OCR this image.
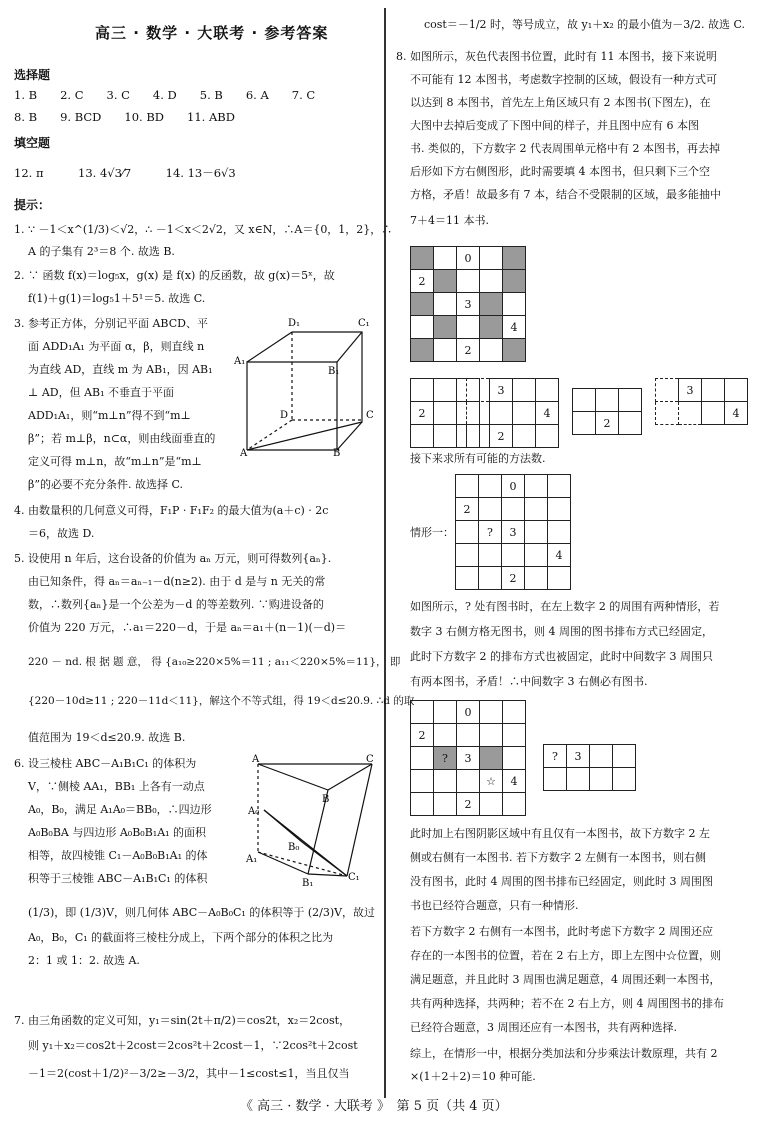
高三 · 数学 · 大联考 · 参考答案
选择题
1. B　　2. C　　3. C　　4. D　　5. B　　6. A　　7. C
8. B　　9. BCD　　10. BD　　11. ABD
填空题
12. π　　　13. 4√3⁄7　　　14. 13－6√3
提示：
1. ∵ －1＜x^(1/3)＜√2，∴ －1＜x＜2√2，又 x∈N，∴A＝{0，1，2}，∴
A 的子集有 2³＝8 个. 故选 B.
2. ∵ 函数 f(x)＝log₅x，g(x) 是 f(x) 的反函数，故 g(x)＝5ˣ，故
f(1)＋g(1)＝log₅1＋5¹＝5. 故选 C.
3. 参考正方体，分别记平面 ABCD、平
面 ADD₁A₁ 为平面 α，β，则直线 n
为直线 AD，直线 m 为 AB₁，因 AB₁
⊥ AD，但 AB₁ 不垂直于平面
ADD₁A₁，则“m⊥n”得不到“m⊥
β”；若 m⊥β，n⊂α，则由线面垂直的
定义可得 m⊥n，故“m⊥n”是“m⊥
β”的必要不充分条件. 故选择 C.
D₁	C₁
A₁
B₁
D	C
A	B
4. 由数量积的几何意义可得，F₁P · F₁F₂ 的最大值为(a＋c) · 2c
＝6，故选 D.
5. 设使用 n 年后，这台设备的价值为 aₙ 万元，则可得数列{aₙ}.
由已知条件，得 aₙ＝aₙ₋₁－d(n≥2). 由于 d 是与 n 无关的常
数，∴数列{aₙ}是一个公差为－d 的等差数列. ∵购进设备的
价值为 220 万元，∴a₁＝220－d，于是 aₙ＝a₁＋(n－1)(－d)＝
220 － nd. 根 据 题 意， 得 {a₁₀≥220×5%＝11 ; a₁₁＜220×5%＝11}， 即
{220－10d≥11 ; 220－11d＜11}，解这个不等式组，得 19＜d≤20.9. ∴d 的取
值范围为 19＜d≤20.9. 故选 B.
6. 设三棱柱 ABC－A₁B₁C₁ 的体积为
V，∵侧棱 AA₁，BB₁ 上各有一动点
A₀，B₀，满足 A₁A₀＝BB₀，∴四边形
A₀B₀BA 与四边形 A₀B₀B₁A₁ 的面积
相等，故四棱锥 C₁－A₀B₀B₁A₁ 的体
积等于三棱锥 ABC－A₁B₁C₁ 的体积
(1/3)，即 (1/3)V，则几何体 ABC－A₀B₀C₁ 的体积等于 (2/3)V，故过
A₀，B₀，C₁ 的截面将三棱柱分成上，下两个部分的体积之比为
2：1 或 1：2. 故选 A.
A	C
B
A₀
B₀
C₁
A₁
B₁
7. 由三角函数的定义可知，y₁＝sin(2t＋π/2)＝cos2t，x₂＝2cost，
则 y₁＋x₂＝cos2t＋2cost＝2cos²t＋2cost－1，∵2cos²t＋2cost
－1＝2(cost＋1/2)²－3/2≥－3/2，其中－1≤cost≤1，当且仅当
cost＝－1/2 时，等号成立，故 y₁＋x₂ 的最小值为－3/2. 故选 C.
8. 如图所示，灰色代表图书位置，此时有 11 本图书，接下来说明
不可能有 12 本图书，考虑数字控制的区域，假设有一种方式可
以达到 8 本图书，首先左上角区域只有 2 本图书(下图左)，在
大图中去掉后变成了下图中间的样子，并且图中应有 6 本图
书. 类似的，下方数字 2 代表周围单元格中有 2 本图书，再去掉
后形如下方右侧图形，此时需要填 4 本图书，但只剩下三个空
方格，矛盾！故最多有 7 本，结合不受限制的区域，最多能抽中
7＋4＝11 本书.
		0		
2				
		3		
				4
		2		

2		

	3		
			4
	2		

	2	
	3		
			4
接下来求所有可能的方法数.
情形一：
		0		
2				
	?	3		
				4
		2		
如图所示，? 处有图书时，在左上数字 2 的周围有两种情形，若
数字 3 右侧方格无图书，则 4 周围的图书排布方式已经固定，
此时下方数字 2 的排布方式也被固定，此时中间数字 3 周围只
有两本图书，矛盾！∴中间数字 3 右侧必有图书.
		0		
2				
	?	3		
			☆	4
		2		
?	3		

此时加上右图阴影区域中有且仅有一本图书，故下方数字 2 左
侧或右侧有一本图书. 若下方数字 2 左侧有一本图书，则右侧
没有图书，此时 4 周围的图书排布已经固定，则此时 3 周围图
书也已经符合题意，只有一种情形.
若下方数字 2 右侧有一本图书，此时考虑下方数字 2 周围还应
存在的一本图书的位置，若在 2 右上方，即上左图中☆位置，则
满足题意，并且此时 3 周围也满足题意，4 周围还剩一本图书，
共有两种选择，共两种；若不在 2 右上方，则 4 周围图书的排布
已经符合题意，3 周围还应有一本图书，共有两种选择.
综上，在情形一中，根据分类加法和分步乘法计数原理，共有 2
×(1＋2＋2)＝10 种可能.
《 高三 · 数学 · 大联考 》　第 5 页（共 4 页）
